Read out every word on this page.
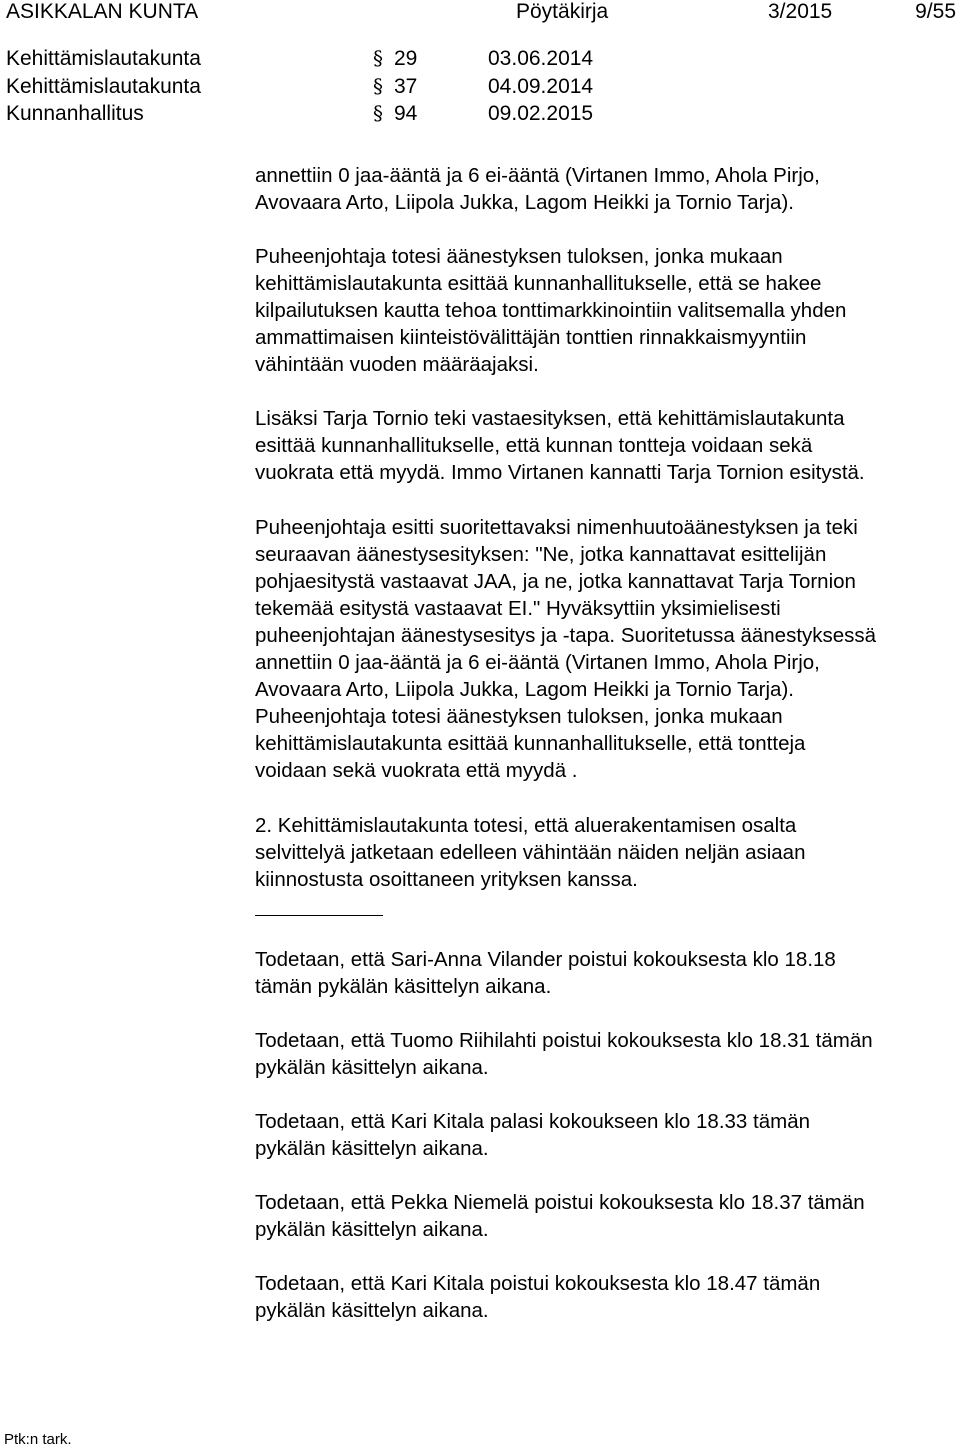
ASIKKALAN KUNTA	Pöytäkirja	3/2015	9/55
Kehittämislautakunta	§ 29	03.06.2014
Kehittämislautakunta	§ 37	04.09.2014
Kunnanhallitus	§ 94	09.02.2015

annettiin 0 jaa-ääntä ja 6 ei-ääntä (Virtanen Immo, Ahola Pirjo,
Avovaara Arto, Liipola Jukka, Lagom Heikki ja Tornio Tarja).

Puheenjohtaja totesi äänestyksen tuloksen, jonka mukaan
kehittämislautakunta esittää kunnanhallitukselle, että se hakee
kilpailutuksen kautta tehoa tonttimarkkinointiin valitsemalla yhden
ammattimaisen kiinteistövälittäjän tonttien rinnakkaismyyntiin
vähintään vuoden määräajaksi.

Lisäksi Tarja Tornio teki vastaesityksen, että kehittämislautakunta
esittää kunnanhallitukselle, että kunnan tontteja voidaan sekä
vuokrata että myydä. Immo Virtanen kannatti Tarja Tornion esitystä.

Puheenjohtaja esitti suoritettavaksi nimenhuutoäänestyksen ja teki
seuraavan äänestysesityksen: "Ne, jotka kannattavat esittelijän
pohjaesitystä vastaavat JAA, ja ne, jotka kannattavat Tarja Tornion
tekemää esitystä vastaavat EI." Hyväksyttiin yksimielisesti
puheenjohtajan äänestysesitys ja -tapa. Suoritetussa äänestyksessä
annettiin 0 jaa-ääntä ja 6 ei-ääntä (Virtanen Immo, Ahola Pirjo,
Avovaara Arto, Liipola Jukka, Lagom Heikki ja Tornio Tarja).
Puheenjohtaja totesi äänestyksen tuloksen, jonka mukaan
kehittämislautakunta esittää kunnanhallitukselle, että tontteja
voidaan sekä vuokrata että myydä .

2. Kehittämislautakunta totesi, että aluerakentamisen osalta
selvittelyä jatketaan edelleen vähintään näiden neljän asiaan
kiinnostusta osoittaneen yrityksen kanssa.

Todetaan, että Sari-Anna Vilander poistui kokouksesta klo 18.18
tämän pykälän käsittelyn aikana.

Todetaan, että Tuomo Riihilahti poistui kokouksesta klo 18.31 tämän
pykälän käsittelyn aikana.

Todetaan, että Kari Kitala palasi kokoukseen klo 18.33 tämän
pykälän käsittelyn aikana.

Todetaan, että Pekka Niemelä poistui kokouksesta klo 18.37 tämän
pykälän käsittelyn aikana.

Todetaan, että Kari Kitala poistui kokouksesta klo 18.47 tämän
pykälän käsittelyn aikana.

Ptk:n tark.
